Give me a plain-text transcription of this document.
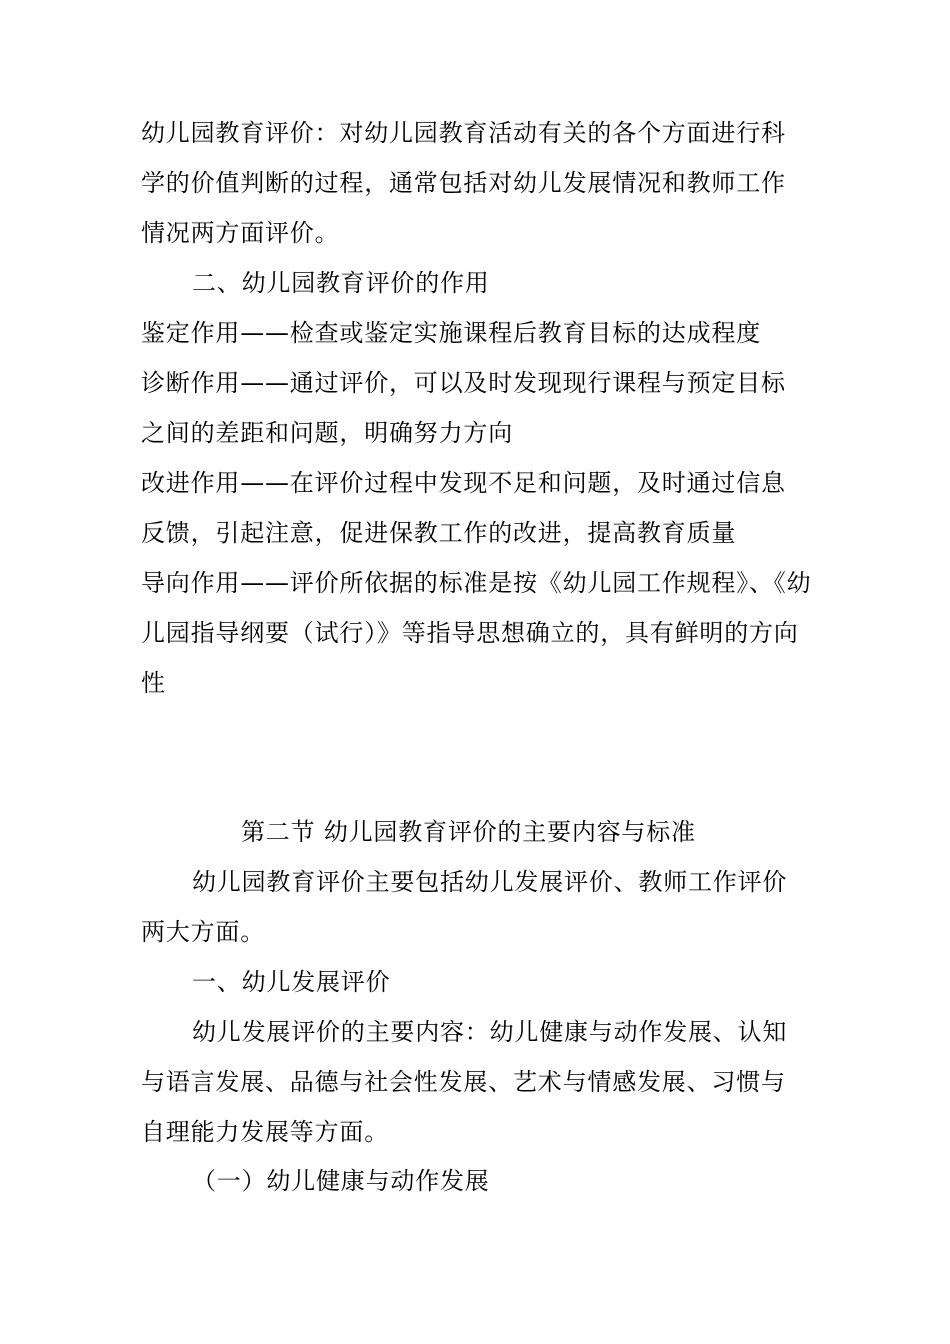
幼儿园教育评价：对幼儿园教育活动有关的各个方面进行科
学的价值判断的过程，通常包括对幼儿发展情况和教师工作
情况两方面评价。
二、幼儿园教育评价的作用
鉴定作用——检查或鉴定实施课程后教育目标的达成程度
诊断作用——通过评价，可以及时发现现行课程与预定目标
之间的差距和问题，明确努力方向
改进作用——在评价过程中发现不足和问题，及时通过信息
反馈，引起注意，促进保教工作的改进，提高教育质量
导向作用——评价所依据的标准是按《幼儿园工作规程》、《幼
儿园指导纲要（试行）》等指导思想确立的，具有鲜明的方向
性
第二节 幼儿园教育评价的主要内容与标准
幼儿园教育评价主要包括幼儿发展评价、教师工作评价
两大方面。
一、幼儿发展评价
幼儿发展评价的主要内容：幼儿健康与动作发展、认知
与语言发展、品德与社会性发展、艺术与情感发展、习惯与
自理能力发展等方面。
（一）幼儿健康与动作发展
